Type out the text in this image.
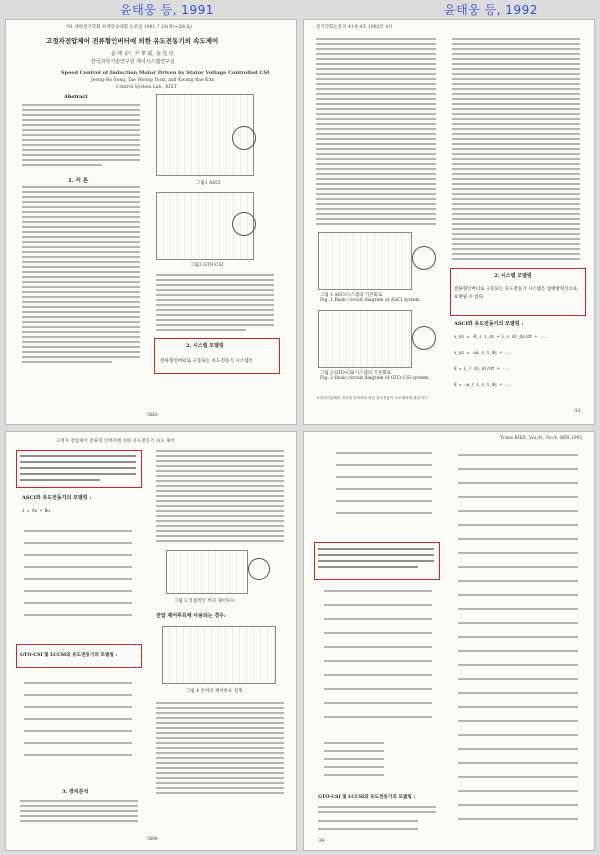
윤태웅 등, 1991	윤태웅 등, 1992
'91 대한전기학회 하계학술대회 논문집 1991.7.18(목)~20(토)
고정자전압제어 전류형인버터에 의한 유도전동기의 속도제어
윤 태 웅*, 尹 華 福, 金 光 培
한국과학기술연구원 제어시스템연구실
Speed Control of Induction Motor Driven by Stator Voltage Controlled CSI
Jeong-Ho Song, Tae Woong Yoon, and Kwang Bae Kim
Control System Lab., KIST
Abstract
1. 서 론	그림1 ASCI
그림2 GTO-CSI
2. 시스템 모델링
전류형인버터로 구동되는 유도전동기 시스템은
-583-
전기학회논문지 41권 4호 1992年 4月
그림 1 ASCI시스템의 기본회로
Fig. 1 Basic circuit diagram of ASCI system
그림 2 GTO-CSI시스템의 기본회로
Fig. 2 Basic circuit diagram of GTO-CSI system
고정자전압제어 전류형 인버터에 의한 유도전동기 속도제어에 관한 연구
2. 시스템 모델링
전류형인버터로 구동되는 유도전동기 시스템은 상태방정식으로 표현될 수 있다.
ASCI와 유도전동기의 모델링 :
v_ds = -R_s i_ds + L_s di_ds/dt + ...
v_qs = -ωL_s i_ds + ...
0 = L_r di_dr/dt + ...
0 = -ω_r L_s i_ds + ...
33
고정자 전압제어 전류형 인버터에 의한 유도전동기 속도 제어
ASCI와 유도전동기의 모델링 :
ẋ = Ax + Bu
GTO-CSI 및 LCCSI와 유도전동기의 모델링 :
3. 장치분석
그림 3 직접적인 부피 제어루프
전압 제어루프에 사용되는 경우:
그림 4 인버터 제어루프 설계
-584-
Trans KIEE, Vol.41, No.4, APR.1992
GTO-CSI 및 LCCSI와 유도전동기의 모델링 :
34
